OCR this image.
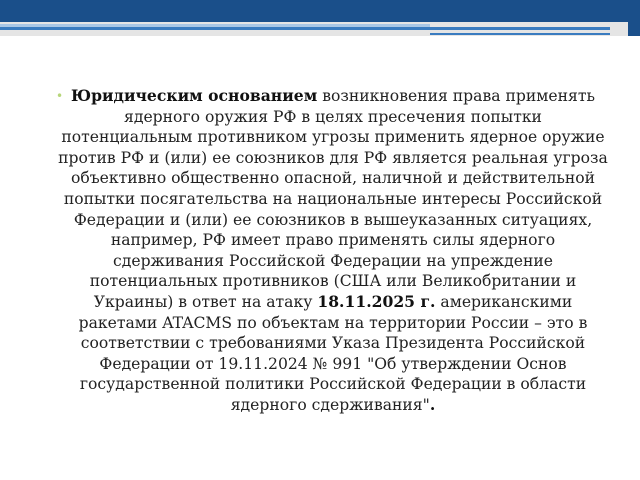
• Юридическим основанием возникновения права применять ядерного оружия РФ в целях пресечения попытки потенциальным противником угрозы применить ядерное оружие против РФ и (или) ее союзников для РФ является реальная угроза объективно общественно опасной, наличной и действительной попытки посягательства на национальные интересы Российской Федерации и (или) ее союзников в вышеуказанных ситуациях, например, РФ имеет право применять силы ядерного сдерживания Российской Федерации на упреждение потенциальных противников (США или Великобритании и Украины) в ответ на атаку 18.11.2025 г. американскими ракетами ATACMS по объектам на территории России – это в соответствии с требованиями Указа Президента Российской Федерации от 19.11.2024 № 991 "Об утверждении Основ государственной политики Российской Федерации в области ядерного сдерживания".
